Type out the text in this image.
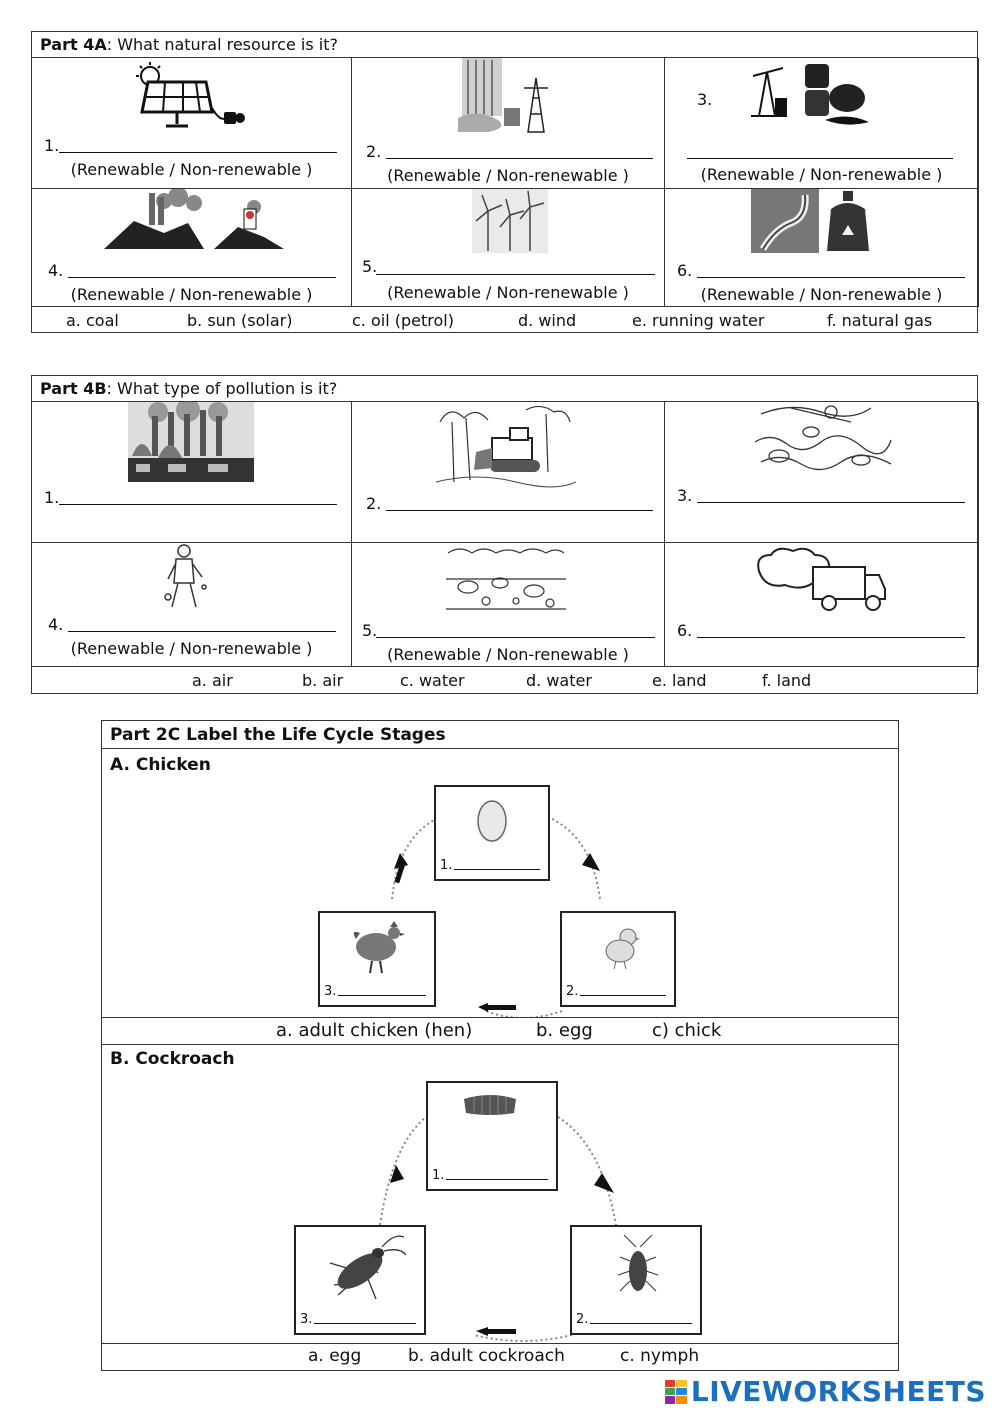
Part 4A: What natural resource is it?
1.
(Renewable / Non-renewable )
2.
(Renewable / Non-renewable )
3.
(Renewable / Non-renewable )
4.
(Renewable / Non-renewable )
5.
(Renewable / Non-renewable )
6.
(Renewable / Non-renewable )
a. coal	b. sun (solar)	c. oil (petrol)	d. wind	e. running water	f. natural gas
Part 4B: What type of pollution is it?
1.	2.	3.
4.
(Renewable / Non-renewable )
5.
(Renewable / Non-renewable )
6.
a. air	b. air	c. water	d. water	e. land	f. land
Part 2C Label the Life Cycle Stages
A. Chicken
1.
2.
3.
a. adult chicken (hen)	b. egg	c) chick
B. Cockroach
1.
2.
3.
a. egg	b. adult cockroach	c. nymph
LIVEWORKSHEETS
